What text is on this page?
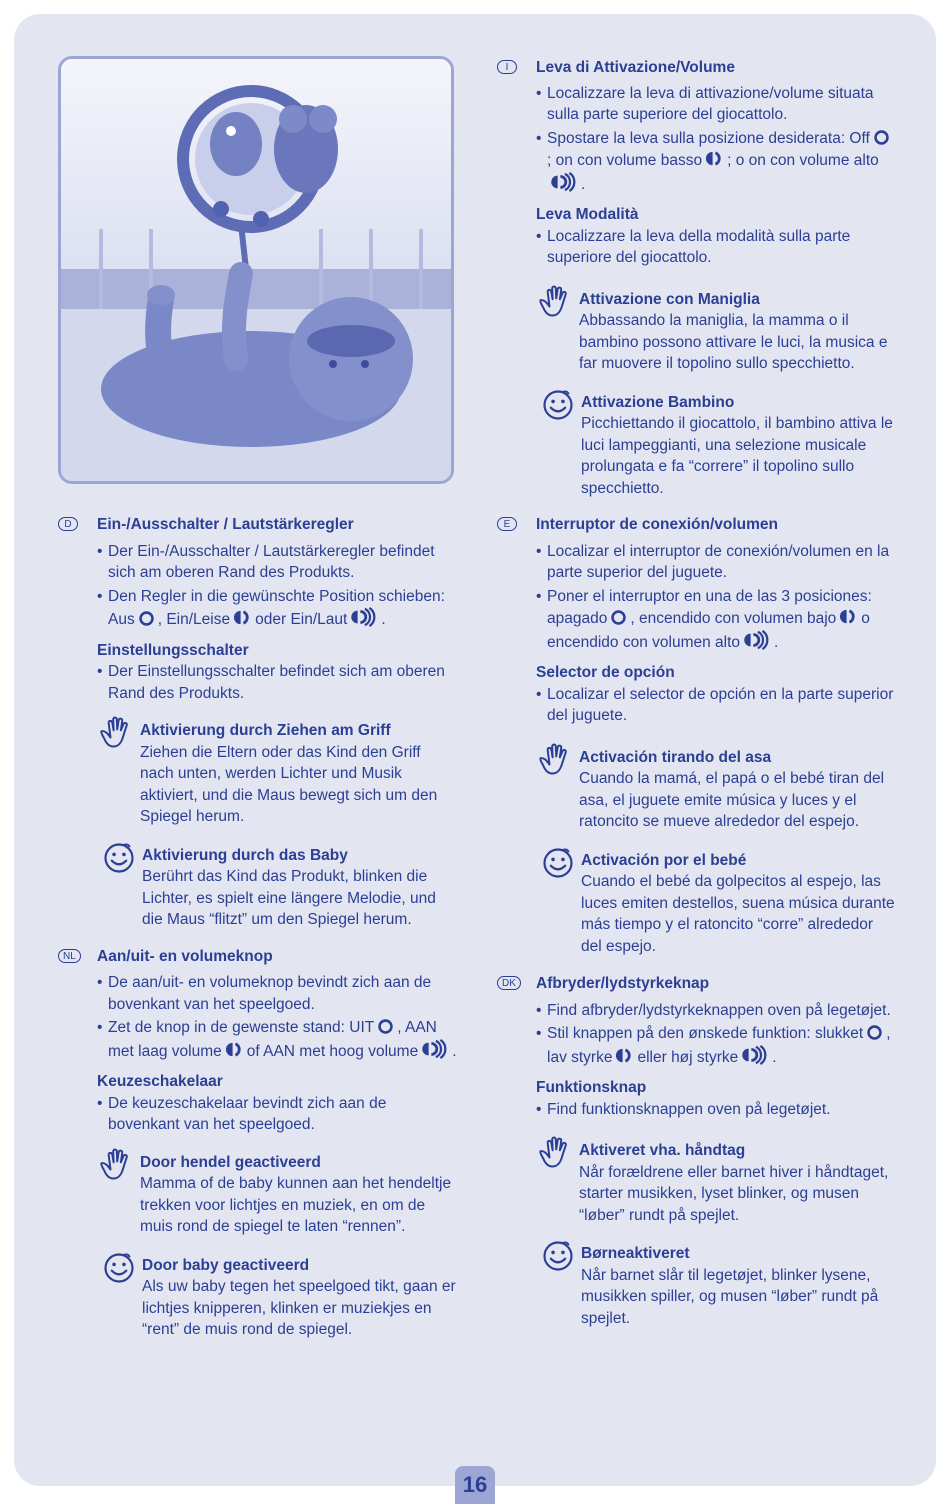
D	Ein-/Ausschalter / Lautstärkeregler

• Der Ein-/Ausschalter / Lautstärkeregler befindet sich am oberen Rand des Produkts.

• Den Regler in die gewünschte Position schieben: Aus , Ein/Leise oder Ein/Laut .

Einstellungsschalter

• Der Einstellungsschalter befindet sich am oberen Rand des Produkts.

Aktivierung durch Ziehen am Griff

Ziehen die Eltern oder das Kind den Griff nach unten, werden Lichter und Musik aktiviert, und die Maus bewegt sich um den Spiegel herum.

Aktivierung durch das Baby

Berührt das Kind das Produkt, blinken die Lichter, es spielt eine längere Melodie, und die Maus “flitzt” um den Spiegel herum.

NL	Aan/uit- en volumeknop

• De aan/uit- en volumeknop bevindt zich aan de bovenkant van het speelgoed.

• Zet de knop in de gewenste stand: UIT , AAN met laag volume of AAN met hoog volume .

Keuzeschakelaar

• De keuzeschakelaar bevindt zich aan de bovenkant van het speelgoed.

Door hendel geactiveerd

Mamma of de baby kunnen aan het hendeltje trekken voor lichtjes en muziek, en om de muis rond de spiegel te laten “rennen”.

Door baby geactiveerd

Als uw baby tegen het speelgoed tikt, gaan er lichtjes knipperen, klinken er muziekjes en “rent” de muis rond de spiegel.

I	Leva di Attivazione/Volume

• Localizzare la leva di attivazione/volume situata sulla parte superiore del giocattolo.

• Spostare la leva sulla posizione desiderata: Off; on con volume basso ; o on con volume alto.

Leva Modalità

• Localizzare la leva della modalità sulla parte superiore del giocattolo.

Attivazione con Maniglia

Abbassando la maniglia, la mamma o il bambino possono attivare le luci, la musica e far muovere il topolino sullo specchietto.

Attivazione Bambino

Picchiettando il giocattolo, il bambino attiva le luci lampeggianti, una selezione musicale prolungata e fa “correre” il topolino sullo specchietto.

E	Interruptor de conexión/volumen

• Localizar el interruptor de conexión/volumen en la parte superior del juguete.

• Poner el interruptor en una de las 3 posiciones: apagado , encendido con volumen bajo o encendido con volumen alto .

Selector de opción

• Localizar el selector de opción en la parte superior del juguete.

Activación tirando del asa

Cuando la mamá, el papá o el bebé tiran del asa, el juguete emite música y luces y el ratoncito se mueve alrededor del espejo.

Activación por el bebé

Cuando el bebé da golpecitos al espejo, las luces emiten destellos, suena música durante más tiempo y el ratoncito “corre” alrededor del espejo.

DK	Afbryder/lydstyrkeknap

• Find afbryder/lydstyrkeknappen oven på legetøjet.

• Stil knappen på den ønskede funktion: slukket , lav styrke eller høj styrke .

Funktionsknap

• Find funktionsknappen oven på legetøjet.

Aktiveret vha. håndtag

Når forældrene eller barnet hiver i håndtaget, starter musikken, lyset blinker, og musen “løber” rundt på spejlet.

Børneaktiveret

Når barnet slår til legetøjet, blinker lysene, musikken spiller, og musen “løber” rundt på spejlet.

16
